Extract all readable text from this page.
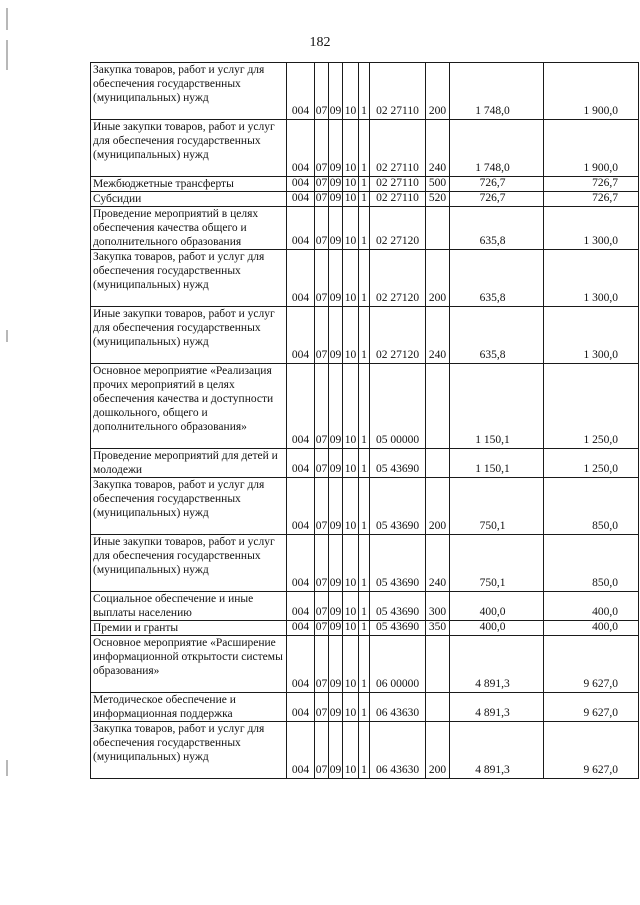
182
Закупка товаров, работ и услуг для обеспечения государственных (муниципальных) нужд	004	07	09	10	1	02 27110	200	1 748,0	1 900,0

Иные закупки товаров, работ и услуг для обеспечения государственных (муниципальных) нужд	004	07	09	10	1	02 27110	240	1 748,0	1 900,0

Межбюджетные трансферты	004	07	09	10	1	02 27110	500	726,7	726,7

Субсидии	004	07	09	10	1	02 27110	520	726,7	726,7

Проведение мероприятий в целях обеспечения качества общего и дополнительного образования	004	07	09	10	1	02 27120		635,8	1 300,0

Закупка товаров, работ и услуг для обеспечения государственных (муниципальных) нужд	004	07	09	10	1	02 27120	200	635,8	1 300,0

Иные закупки товаров, работ и услуг для обеспечения государственных (муниципальных) нужд	004	07	09	10	1	02 27120	240	635,8	1 300,0

Основное мероприятие «Реализация прочих мероприятий в целях обеспечения качества и доступности дошкольного, общего и дополнительного образования»	004	07	09	10	1	05 00000		1 150,1	1 250,0

Проведение мероприятий для детей и молодежи	004	07	09	10	1	05 43690		1 150,1	1 250,0

Закупка товаров, работ и услуг для обеспечения государственных (муниципальных) нужд	004	07	09	10	1	05 43690	200	750,1	850,0

Иные закупки товаров, работ и услуг для обеспечения государственных (муниципальных) нужд	004	07	09	10	1	05 43690	240	750,1	850,0

Социальное обеспечение и иные выплаты населению	004	07	09	10	1	05 43690	300	400,0	400,0

Премии и гранты	004	07	09	10	1	05 43690	350	400,0	400,0

Основное мероприятие «Расширение информационной открытости системы образования»	004	07	09	10	1	06 00000		4 891,3	9 627,0

Методическое обеспечение и информационная поддержка	004	07	09	10	1	06 43630		4 891,3	9 627,0

Закупка товаров, работ и услуг для обеспечения государственных (муниципальных) нужд	004	07	09	10	1	06 43630	200	4 891,3	9 627,0
